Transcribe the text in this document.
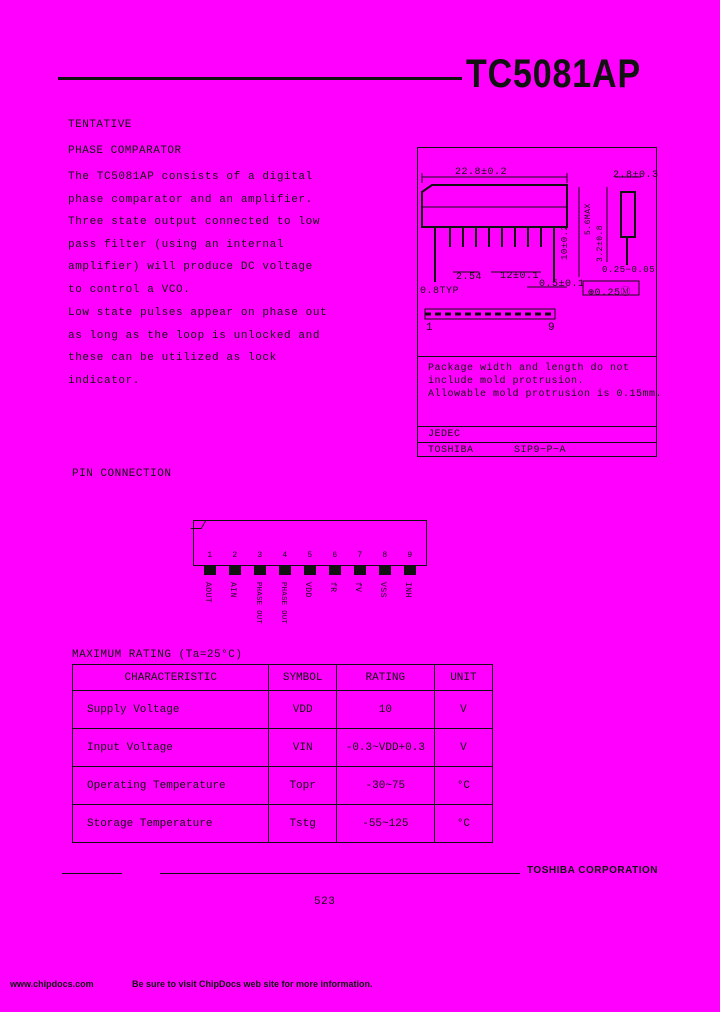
TC5081AP
TENTATIVE
PHASE COMPARATOR
The TC5081AP consists of a digital
phase comparator and an amplifier.
Three state output connected to low
pass filter (using an internal
amplifier) will produce DC voltage
to control a VCO.
Low state pulses appear on phase out
as long as the loop is unlocked and
these can be utilized as lock
indicator.
22.8±0.2	2.8±0.3
10±0.2
5.6MAX
3.2±0.8
0.25−0.05
2.54 12±0.1
0.5±0.1
0.8TYP	⊕0.25Ⓜ
1	9
Package width and length do not
include mold protrusion.
Allowable mold protrusion is 0.15mm.
JEDEC
TOSHIBA	SIP9−P−A
PIN CONNECTION
1	2	3	4	5	6	7	8	9
AOUT AIN PHASE OUT PHASE OUT VDD fR fV VSS INH
MAXIMUM RATING (Ta=25°C)
CHARACTERISTIC	SYMBOL	RATING	UNIT
Supply Voltage	VDD	10	V
Input Voltage	VIN	-0.3~VDD+0.3	V
Operating Temperature	Topr	-30~75	°C
Storage Temperature	Tstg	-55~125	°C
TOSHIBA CORPORATION
523
www.chipdocs.com	Be sure to visit ChipDocs web site for more information.
